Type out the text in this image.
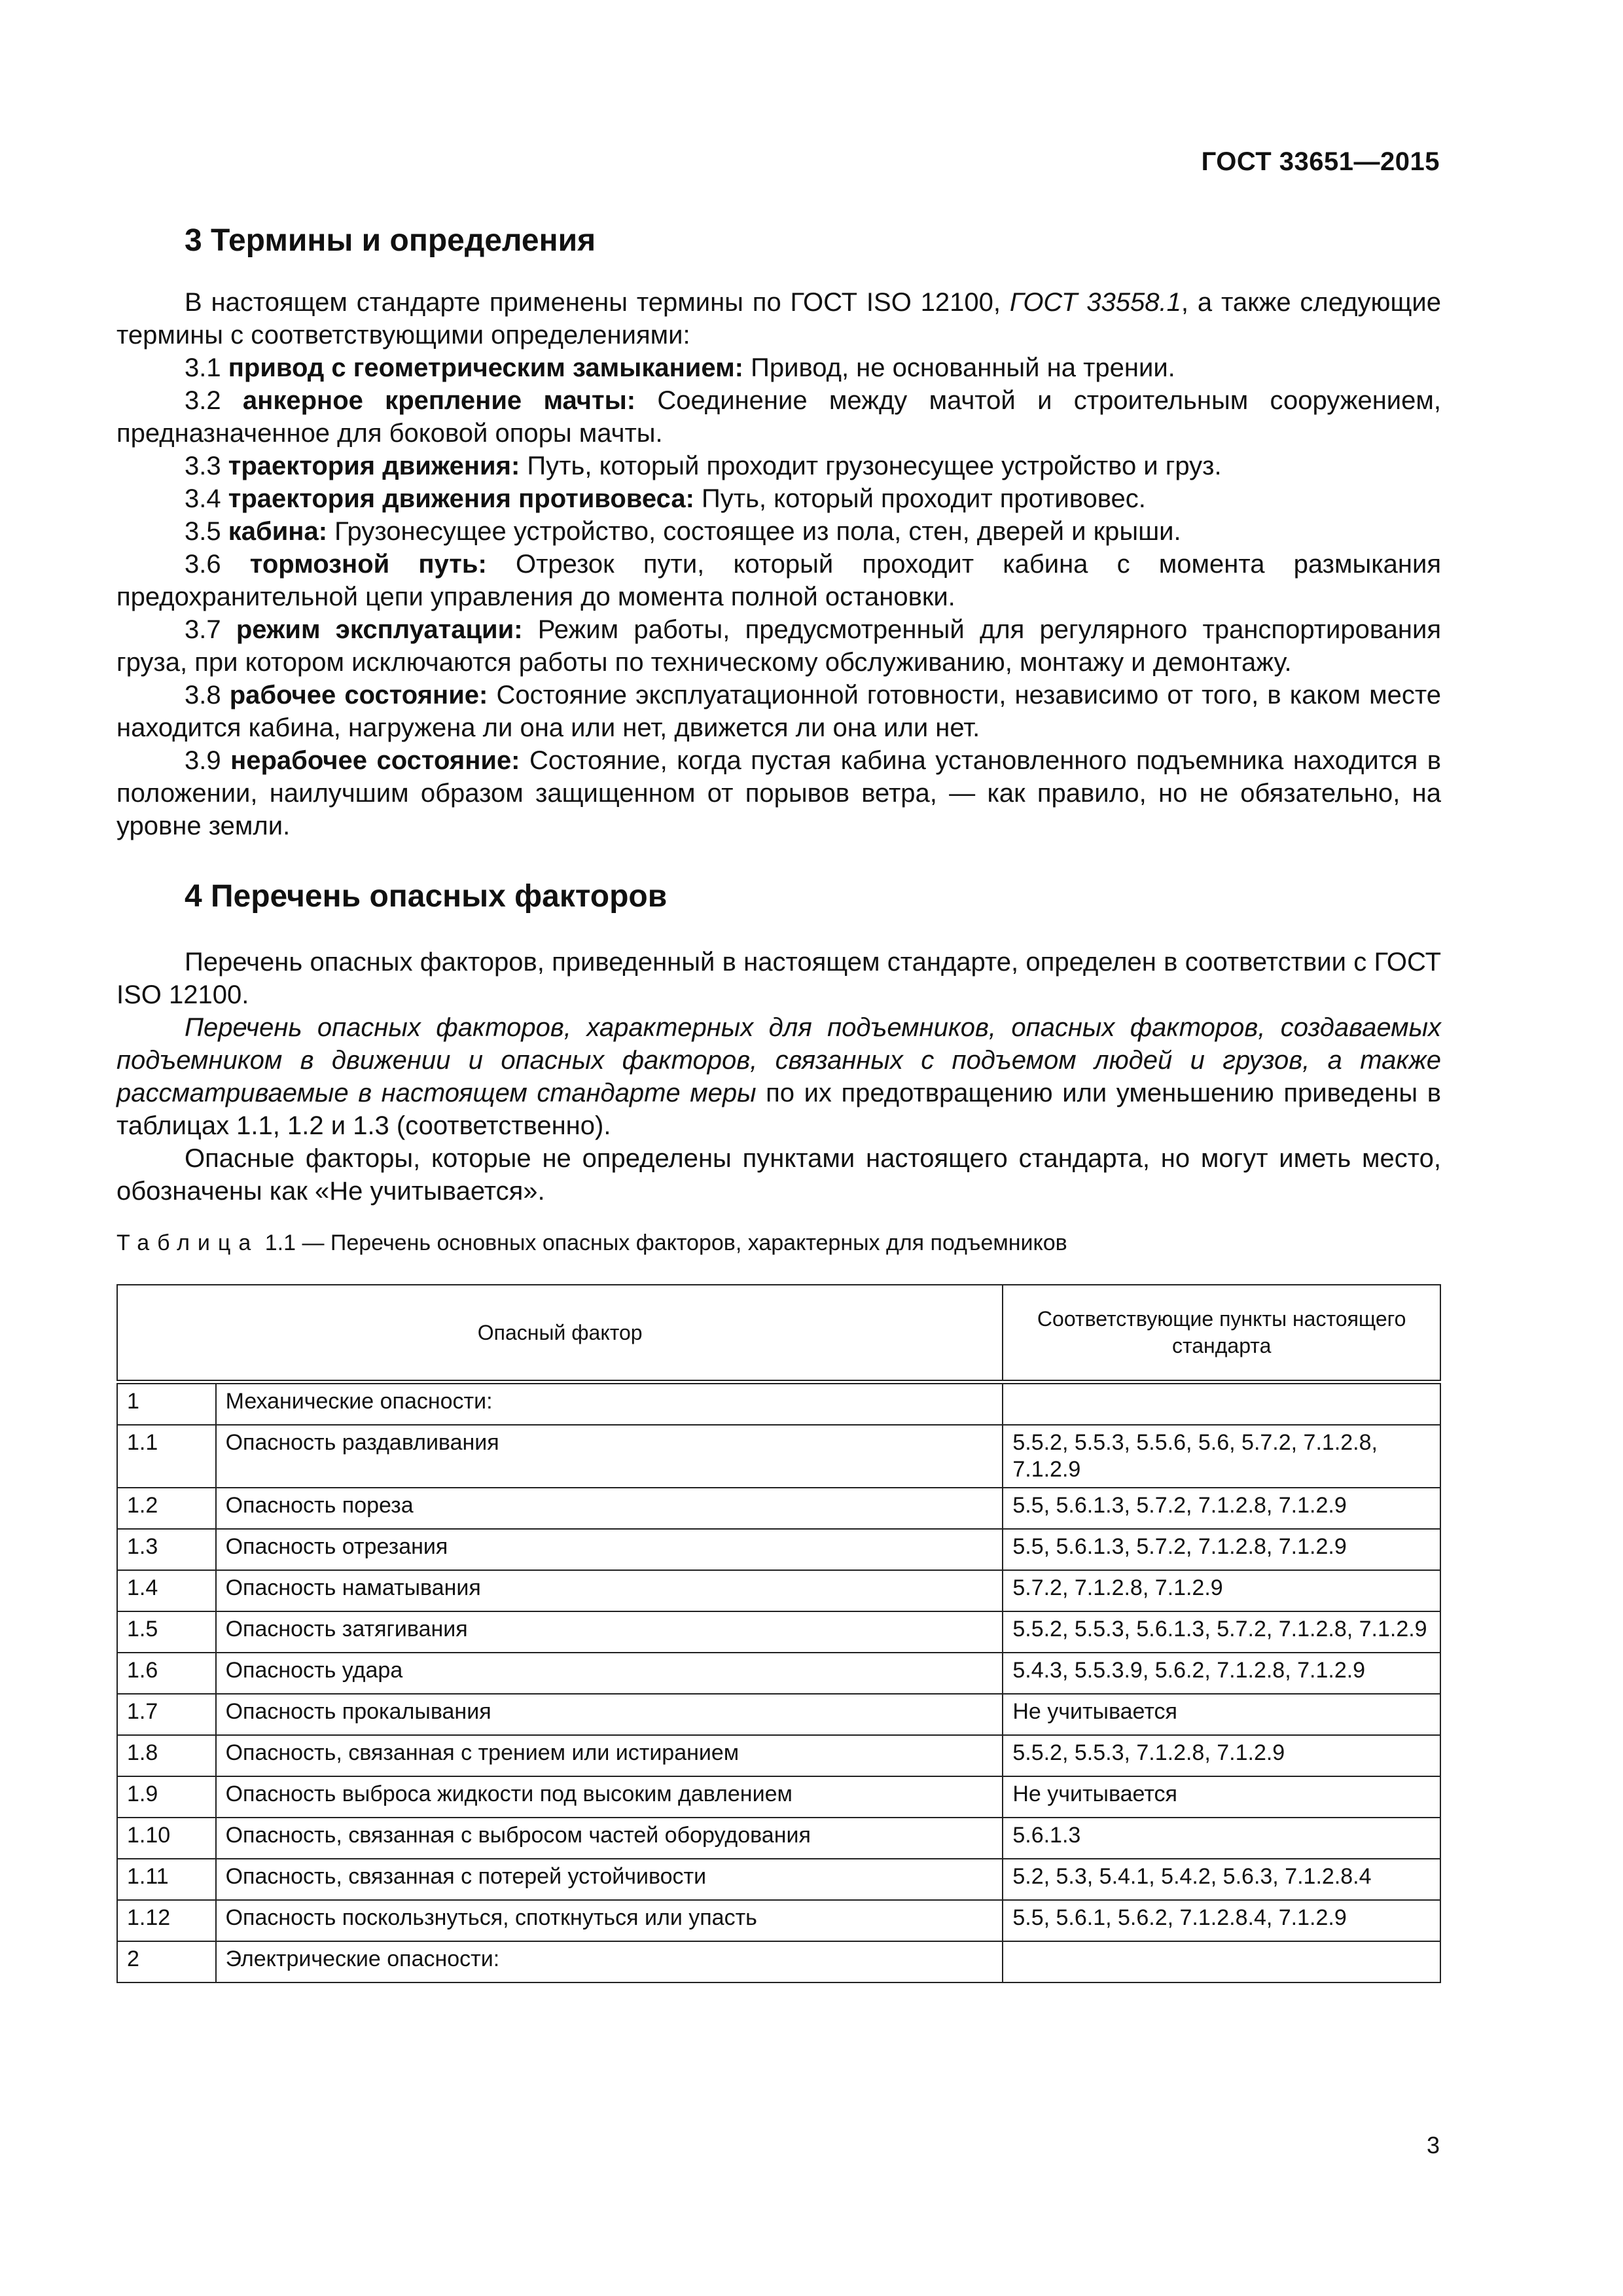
ГОСТ 33651—2015
3 Термины и определения

В настоящем стандарте применены термины по ГОСТ ISO 12100, ГОСТ 33558.1, а также следующие термины с соответствующими определениями:

3.1 привод с геометрическим замыканием: Привод, не основанный на трении.

3.2 анкерное крепление мачты: Соединение между мачтой и строительным сооружением, предназначенное для боковой опоры мачты.

3.3 траектория движения: Путь, который проходит грузонесущее устройство и груз.

3.4 траектория движения противовеса: Путь, который проходит противовес.

3.5 кабина: Грузонесущее устройство, состоящее из пола, стен, дверей и крыши.

3.6 тормозной путь: Отрезок пути, который проходит кабина с момента размыкания предохранительной цепи управления до момента полной остановки.

3.7 режим эксплуатации: Режим работы, предусмотренный для регулярного транспортирования груза, при котором исключаются работы по техническому обслуживанию, монтажу и демонтажу.

3.8 рабочее состояние: Состояние эксплуатационной готовности, независимо от того, в каком месте находится кабина, нагружена ли она или нет, движется ли она или нет.

3.9 нерабочее состояние: Состояние, когда пустая кабина установленного подъемника находится в положении, наилучшим образом защищенном от порывов ветра, — как правило, но не обязательно, на уровне земли.

4 Перечень опасных факторов

Перечень опасных факторов, приведенный в настоящем стандарте, определен в соответствии с ГОСТ ISO 12100.

Перечень опасных факторов, характерных для подъемников, опасных факторов, создаваемых подъемником в движении и опасных факторов, связанных с подъемом людей и грузов, а также рассматриваемые в настоящем стандарте меры по их предотвращению или уменьшению приведены в таблицах 1.1, 1.2 и 1.3 (соответственно).

Опасные факторы, которые не определены пунктами настоящего стандарта, но могут иметь место, обозначены как «Не учитывается».

Таблица 1.1 — Перечень основных опасных факторов, характерных для подъемников
Опасный фактор		Соответствующие пункты настоящего стандарта
1	Механические опасности:	
1.1	Опасность раздавливания	5.5.2, 5.5.3, 5.5.6, 5.6, 5.7.2, 7.1.2.8, 7.1.2.9
1.2	Опасность пореза	5.5, 5.6.1.3, 5.7.2, 7.1.2.8, 7.1.2.9
1.3	Опасность отрезания	5.5, 5.6.1.3, 5.7.2, 7.1.2.8, 7.1.2.9
1.4	Опасность наматывания	5.7.2, 7.1.2.8, 7.1.2.9
1.5	Опасность затягивания	5.5.2, 5.5.3, 5.6.1.3, 5.7.2, 7.1.2.8, 7.1.2.9
1.6	Опасность удара	5.4.3, 5.5.3.9, 5.6.2, 7.1.2.8, 7.1.2.9
1.7	Опасность прокалывания	Не учитывается
1.8	Опасность, связанная с трением или истиранием	5.5.2, 5.5.3, 7.1.2.8, 7.1.2.9
1.9	Опасность выброса жидкости под высоким давлением	Не учитывается
1.10	Опасность, связанная с выбросом частей оборудования	5.6.1.3
1.11	Опасность, связанная с потерей устойчивости	5.2, 5.3, 5.4.1, 5.4.2, 5.6.3, 7.1.2.8.4
1.12	Опасность поскользнуться, споткнуться или упасть	5.5, 5.6.1, 5.6.2, 7.1.2.8.4, 7.1.2.9
2	Электрические опасности:	
3
